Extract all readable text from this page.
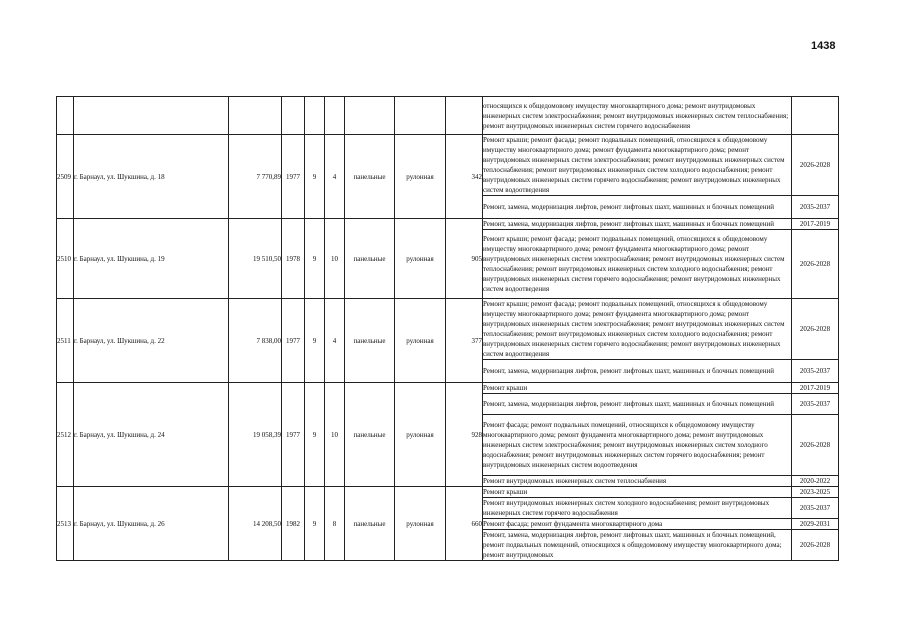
1438
									относящихся к общедомовому имуществу многоквартирного дома; ремонт внутридомовых инженерных систем электроснабжения; ремонт внутридомовых инженерных систем теплоснабжения; ремонт внутридомовых инженерных систем горячего водоснабжения	
2509	г. Барнаул, ул. Шукшина, д. 18	7 770,89	1977	9	4	панельные	рулонная	342	Ремонт крыши; ремонт фасада; ремонт подвальных помещений, относящихся к общедомовому имуществу многоквартирного дома; ремонт фундамента многоквартирного дома; ремонт внутридомовых инженерных систем электроснабжения; ремонт внутридомовых инженерных систем теплоснабжения; ремонт внутридомовых инженерных систем холодного водоснабжения; ремонт внутридомовых инженерных систем горячего водоснабжения; ремонт внутридомовых инженерных систем водоотведения	2026-2028
									Ремонт, замена, модернизация лифтов, ремонт лифтовых шахт, машинных и блочных помещений	2035-2037
2510	г. Барнаул, ул. Шукшина, д. 19	19 510,50	1978	9	10	панельные	рулонная	905	Ремонт, замена, модернизация лифтов, ремонт лифтовых шахт, машинных и блочных помещений	2017-2019
									Ремонт крыши; ремонт фасада; ремонт подвальных помещений, относящихся к общедомовому имуществу многоквартирного дома; ремонт фундамента многоквартирного дома; ремонт внутридомовых инженерных систем электроснабжения; ремонт внутридомовых инженерных систем теплоснабжения; ремонт внутридомовых инженерных систем холодного водоснабжения; ремонт внутридомовых инженерных систем горячего водоснабжения; ремонт внутридомовых инженерных систем водоотведения	2026-2028
2511	г. Барнаул, ул. Шукшина, д. 22	7 838,00	1977	9	4	панельные	рулонная	377	Ремонт крыши; ремонт фасада; ремонт подвальных помещений, относящихся к общедомовому имуществу многоквартирного дома; ремонт фундамента многоквартирного дома; ремонт внутридомовых инженерных систем электроснабжения; ремонт внутридомовых инженерных систем теплоснабжения; ремонт внутридомовых инженерных систем холодного водоснабжения; ремонт внутридомовых инженерных систем горячего водоснабжения; ремонт внутридомовых инженерных систем водоотведения	2026-2028
									Ремонт, замена, модернизация лифтов, ремонт лифтовых шахт, машинных и блочных помещений	2035-2037
2512	г. Барнаул, ул. Шукшина, д. 24	19 058,39	1977	9	10	панельные	рулонная	928	Ремонт крыши	2017-2019
									Ремонт, замена, модернизация лифтов, ремонт лифтовых шахт, машинных и блочных помещений	2035-2037
									Ремонт фасада; ремонт подвальных помещений, относящихся к общедомовому имуществу многоквартирного дома; ремонт фундамента многоквартирного дома; ремонт внутридомовых инженерных систем электроснабжения; ремонт внутридомовых инженерных систем холодного водоснабжения; ремонт внутридомовых инженерных систем горячего водоснабжения; ремонт внутридомовых инженерных систем водоотведения	2026-2028
									Ремонт внутридомовых инженерных систем теплоснабжения	2020-2022
2513	г. Барнаул, ул. Шукшина, д. 26	14 208,50	1982	9	8	панельные	рулонная	660	Ремонт крыши	2023-2025
									Ремонт внутридомовых инженерных систем холодного водоснабжения; ремонт внутридомовых инженерных систем горячего водоснабжения	2035-2037
									Ремонт фасада; ремонт фундамента многоквартирного дома	2029-2031
									Ремонт, замена, модернизация лифтов, ремонт лифтовых шахт, машинных и блочных помещений, ремонт подвальных помещений, относящихся к общедомовому имуществу многоквартирного дома; ремонт внутридомовых	2026-2028
